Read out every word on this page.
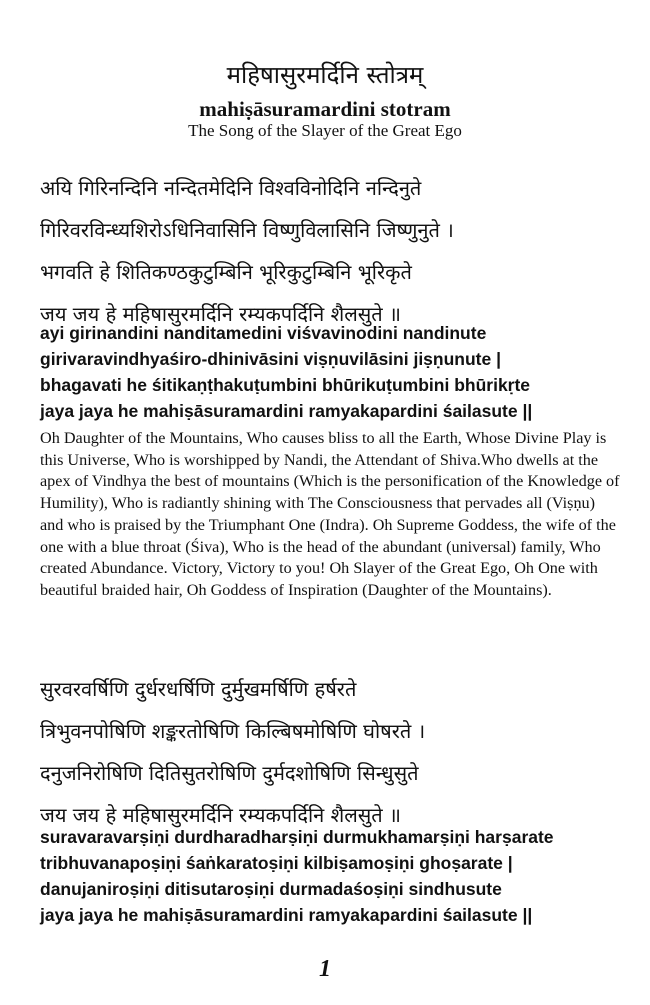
महिषासुरमर्दिनि स्तोत्रम्
mahiṣāsuramardini stotram
The Song of the Slayer of the Great Ego
अयि गिरिनन्दिनि नन्दितमेदिनि विश्वविनोदिनि नन्दिनुते
गिरिवरविन्ध्यशिरोऽधिनिवासिनि विष्णुविलासिनि जिष्णुनुते ।
भगवति हे शितिकण्ठकुटुम्बिनि भूरिकुटुम्बिनि भूरिकृते
जय जय हे महिषासुरमर्दिनि रम्यकपर्दिनि शैलसुते ॥
ayi girinandini nanditamedini viśvavinodini nandinute
girivaravindhyaśiro-dhinivāsini viṣṇuvilāsini jiṣṇunute |
bhagavati he śitikaṇṭhakuṭumbini bhūrikuṭumbini bhūrikṛte
jaya jaya he mahiṣāsuramardini ramyakapardini śailasute ||
Oh Daughter of the Mountains, Who causes bliss to all the Earth, Whose Divine Play is this Universe, Who is worshipped by Nandi, the Attendant of Shiva.Who dwells at the apex of Vindhya the best of mountains (Which is the personification of the Knowledge of Humility), Who is radiantly shining with The Consciousness that pervades all (Viṣṇu) and who is praised by the Triumphant One (Indra). Oh Supreme Goddess, the wife of the one with a blue throat (Śiva), Who is the head of the abundant (universal) family, Who created Abundance. Victory, Victory to you! Oh Slayer of the Great Ego, Oh One with beautiful braided hair, Oh Goddess of Inspiration (Daughter of the Mountains).
सुरवरवर्षिणि दुर्धरधर्षिणि दुर्मुखमर्षिणि हर्षरते
त्रिभुवनपोषिणि शङ्करतोषिणि किल्बिषमोषिणि घोषरते ।
दनुजनिरोषिणि दितिसुतरोषिणि दुर्मदशोषिणि सिन्धुसुते
जय जय हे महिषासुरमर्दिनि रम्यकपर्दिनि शैलसुते ॥
suravaravarṣiṇi durdharadharṣiṇi durmukhamarṣiṇi harṣarate
tribhuvanapoṣiṇi śaṅkaratoṣiṇi kilbiṣamoṣiṇi ghoṣarate |
danujaniroṣiṇi ditisutaroṣiṇi durmadaśoṣiṇi sindhusute
jaya jaya he mahiṣāsuramardini ramyakapardini śailasute ||
1
